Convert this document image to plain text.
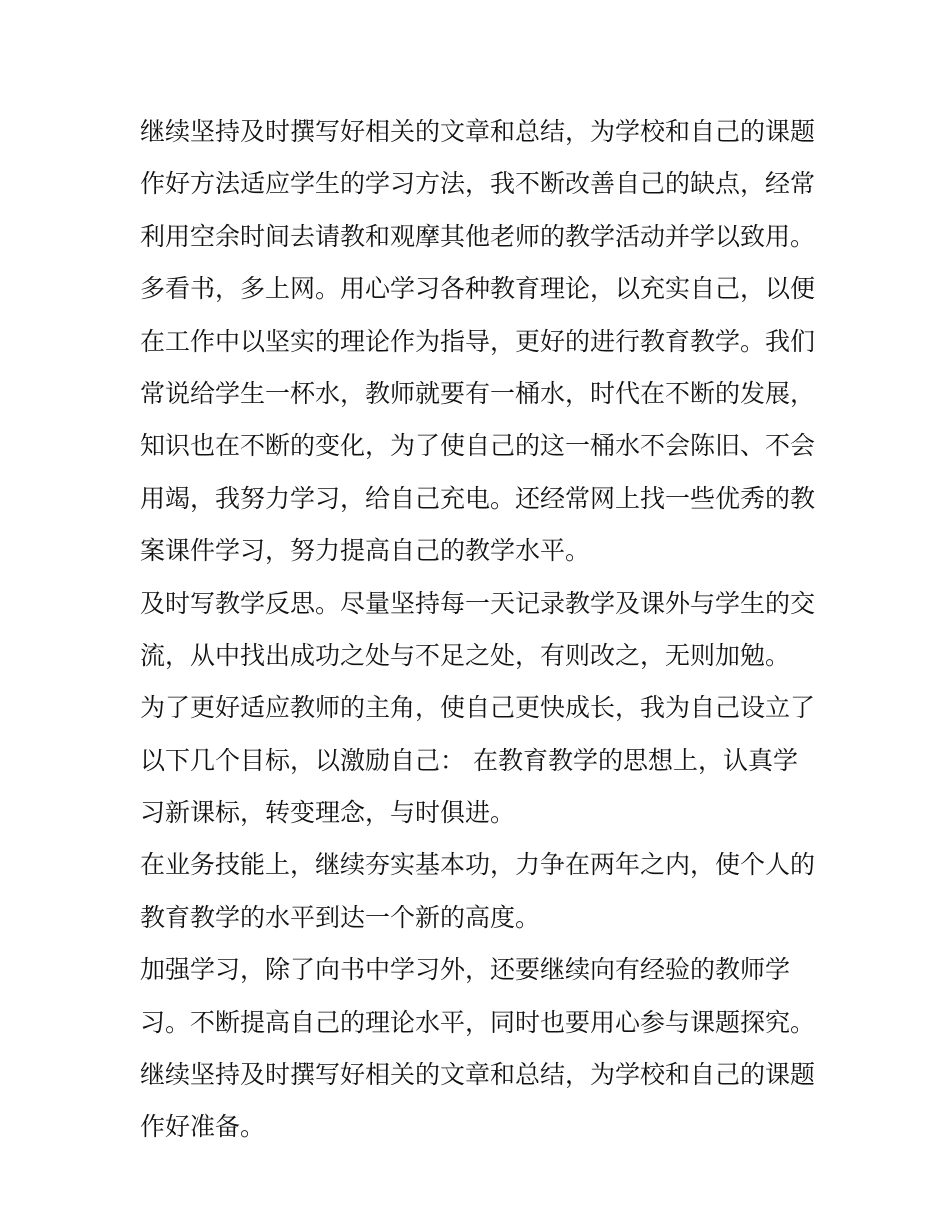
继续坚持及时撰写好相关的文章和总结，为学校和自己的课题
作好方法适应学生的学习方法，我不断改善自己的缺点，经常
利用空余时间去请教和观摩其他老师的教学活动并学以致用。
多看书，多上网。用心学习各种教育理论，以充实自己，以便
在工作中以坚实的理论作为指导，更好的进行教育教学。我们
常说给学生一杯水，教师就要有一桶水，时代在不断的发展，
知识也在不断的变化，为了使自己的这一桶水不会陈旧、不会
用竭，我努力学习，给自己充电。还经常网上找一些优秀的教
案课件学习，努力提高自己的教学水平。
及时写教学反思。尽量坚持每一天记录教学及课外与学生的交
流，从中找出成功之处与不足之处，有则改之，无则加勉。
为了更好适应教师的主角，使自己更快成长，我为自己设立了
以下几个目标，以激励自己： 在教育教学的思想上，认真学
习新课标，转变理念，与时俱进。
在业务技能上，继续夯实基本功，力争在两年之内，使个人的
教育教学的水平到达一个新的高度。
加强学习，除了向书中学习外，还要继续向有经验的教师学
习。不断提高自己的理论水平，同时也要用心参与课题探究。
继续坚持及时撰写好相关的文章和总结，为学校和自己的课题
作好准备。
